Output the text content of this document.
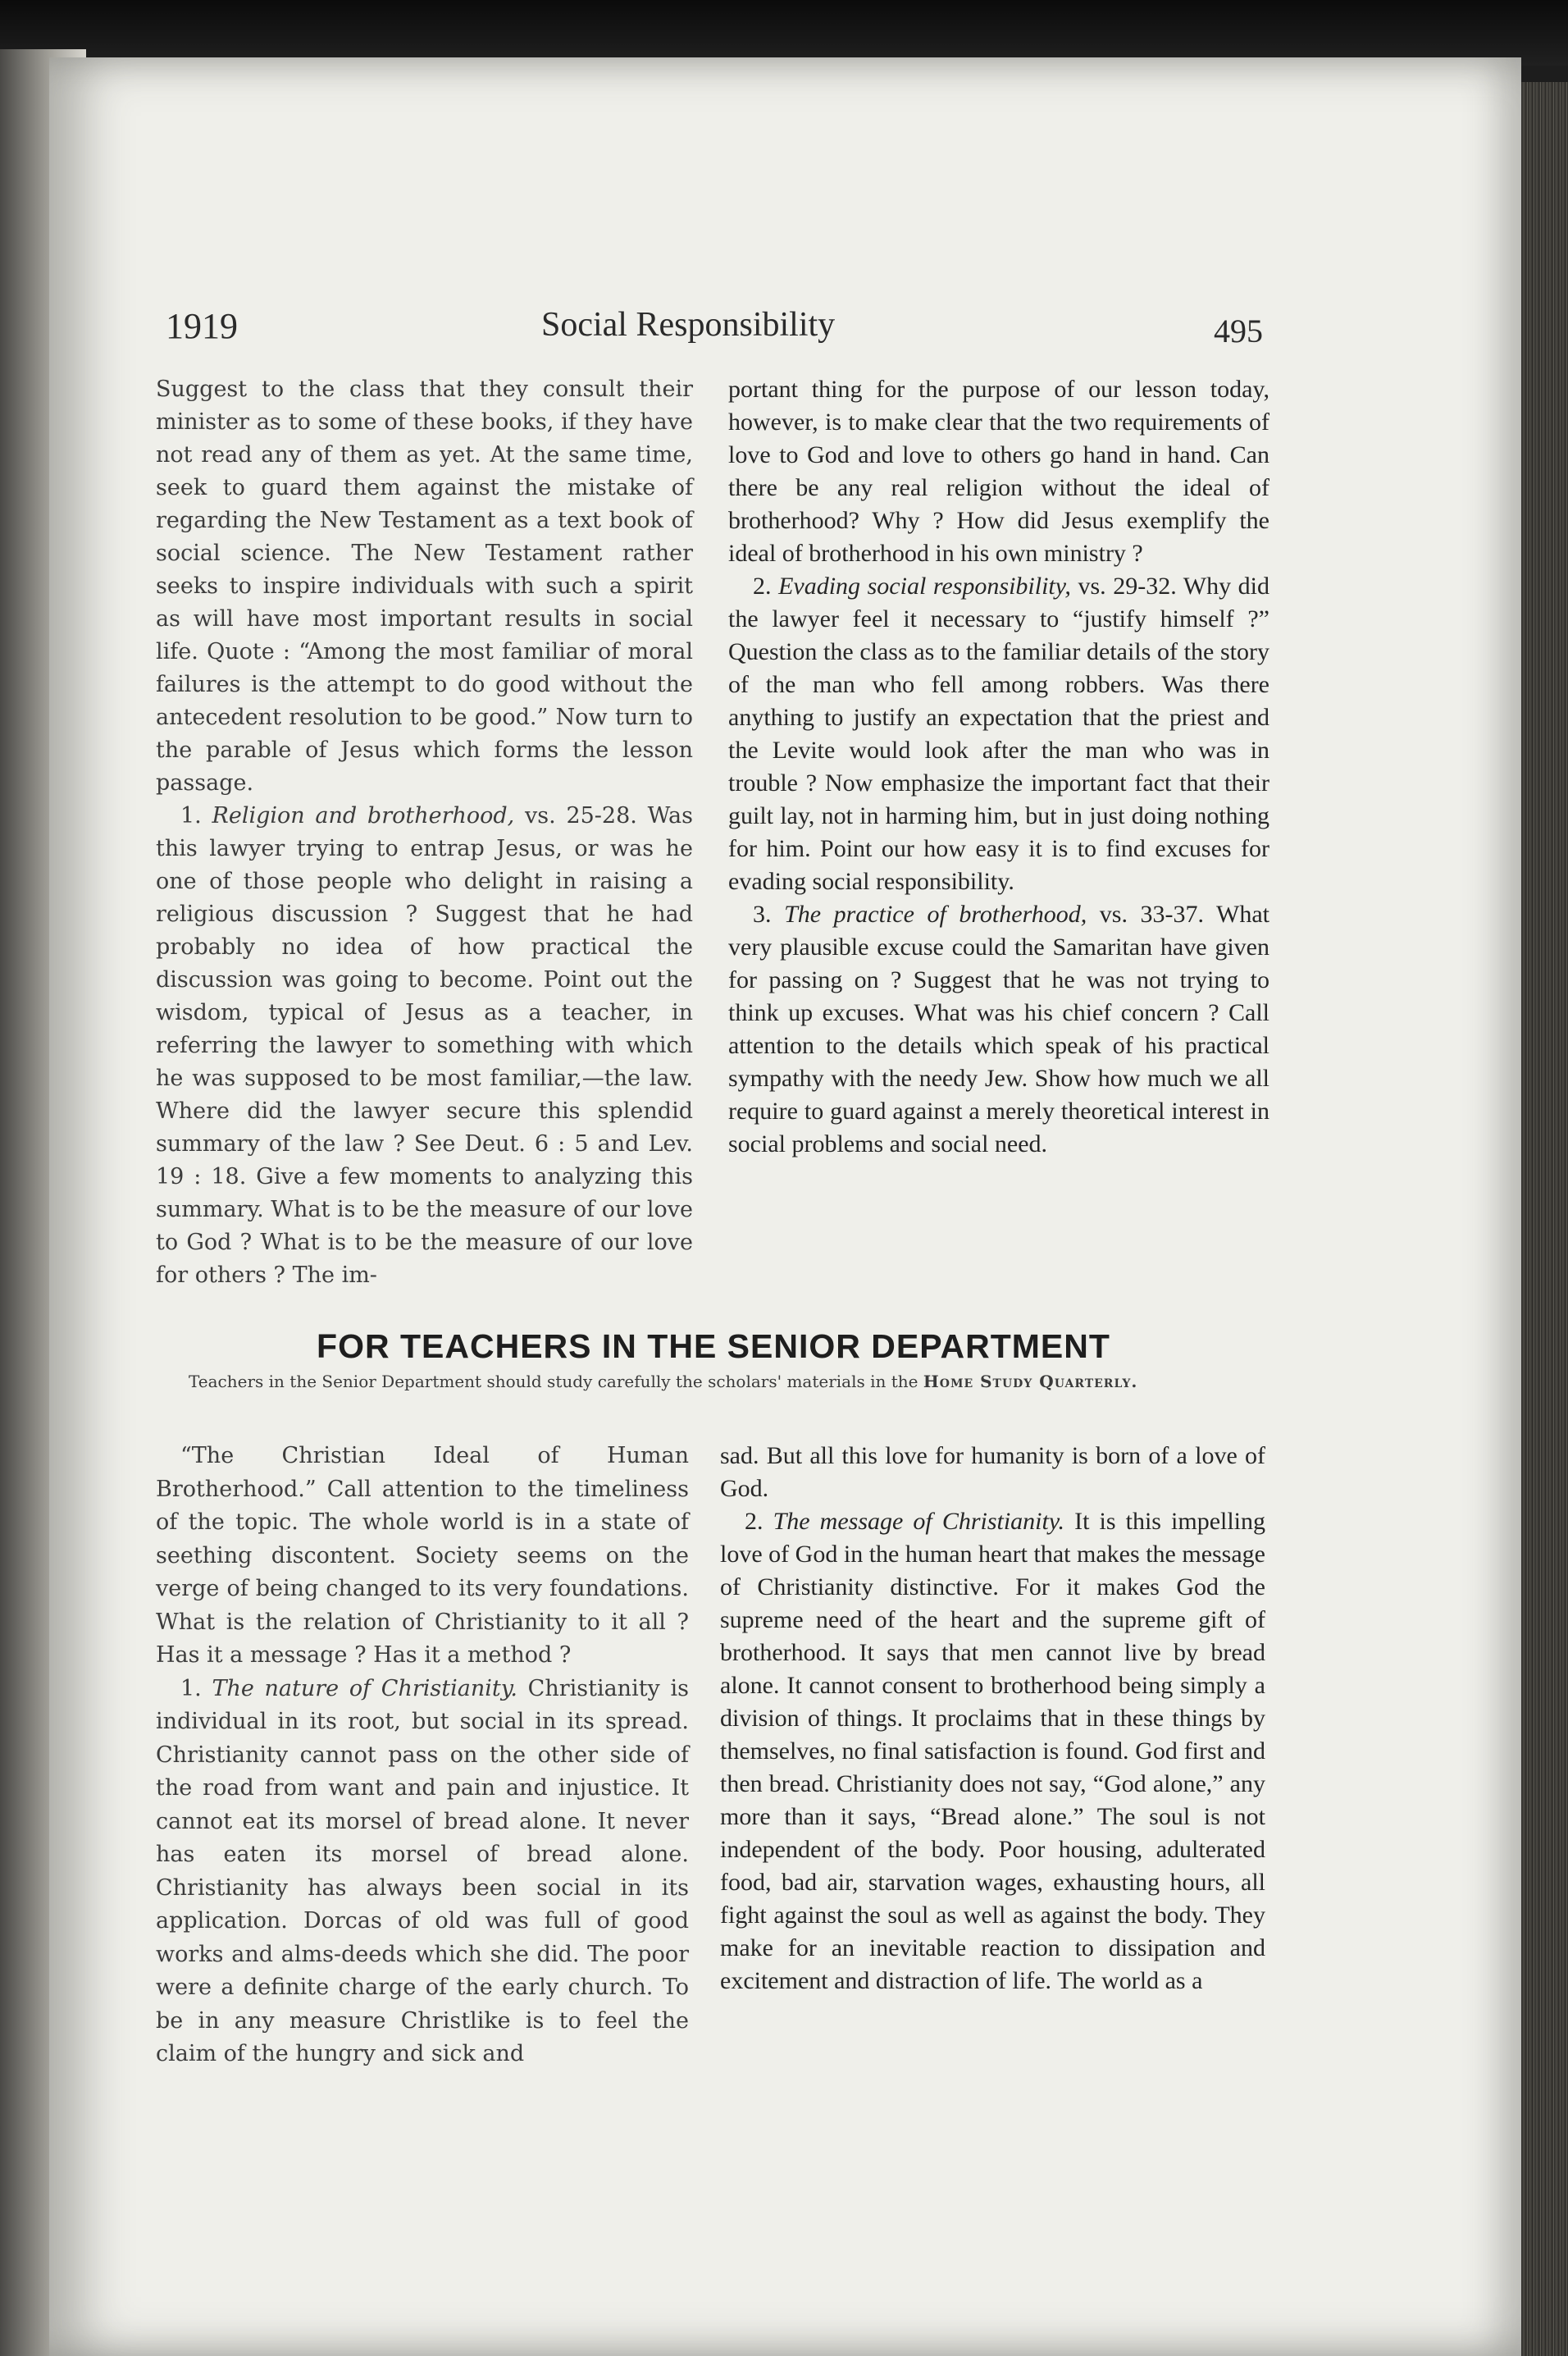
1919	Social Responsibility	495

Suggest to the class that they consult their minister as to some of these books, if they have not read any of them as yet. At the same time, seek to guard them against the mistake of regarding the New Testament as a text book of social science. The New Testament rather seeks to inspire individuals with such a spirit as will have most important results in social life. Quote : “Among the most familiar of moral failures is the attempt to do good without the antecedent resolution to be good.” Now turn to the parable of Jesus which forms the lesson passage.

1. Religion and brotherhood, vs. 25-28. Was this lawyer trying to entrap Jesus, or was he one of those people who delight in raising a religious discussion ? Suggest that he had probably no idea of how practical the discussion was going to become. Point out the wisdom, typical of Jesus as a teacher, in referring the lawyer to something with which he was supposed to be most familiar,—the law. Where did the lawyer secure this splendid summary of the law ? See Deut. 6 : 5 and Lev. 19 : 18. Give a few moments to analyzing this summary. What is to be the measure of our love to God ? What is to be the measure of our love for others ? The im-

portant thing for the purpose of our lesson today, however, is to make clear that the two requirements of love to God and love to others go hand in hand. Can there be any real religion without the ideal of brotherhood? Why ? How did Jesus exemplify the ideal of brotherhood in his own ministry ?

2. Evading social responsibility, vs. 29-32. Why did the lawyer feel it necessary to “justify himself ?” Question the class as to the familiar details of the story of the man who fell among robbers. Was there anything to justify an expectation that the priest and the Levite would look after the man who was in trouble ? Now emphasize the important fact that their guilt lay, not in harming him, but in just doing nothing for him. Point our how easy it is to find excuses for evading social responsibility.

3. The practice of brotherhood, vs. 33-37. What very plausible excuse could the Samaritan have given for passing on ? Suggest that he was not trying to think up excuses. What was his chief concern ? Call attention to the details which speak of his practical sympathy with the needy Jew. Show how much we all require to guard against a merely theoretical interest in social problems and social need.

FOR TEACHERS IN THE SENIOR DEPARTMENT
Teachers in the Senior Department should study carefully the scholars' materials in the Home Study Quarterly.

“The Christian Ideal of Human Brotherhood.” Call attention to the timeliness of the topic. The whole world is in a state of seething discontent. Society seems on the verge of being changed to its very foundations. What is the relation of Christianity to it all ? Has it a message ? Has it a method ?

1. The nature of Christianity. Christianity is individual in its root, but social in its spread. Christianity cannot pass on the other side of the road from want and pain and injustice. It cannot eat its morsel of bread alone. It never has eaten its morsel of bread alone. Christianity has always been social in its application. Dorcas of old was full of good works and alms-deeds which she did. The poor were a definite charge of the early church. To be in any measure Christlike is to feel the claim of the hungry and sick and

sad. But all this love for humanity is born of a love of God.

2. The message of Christianity. It is this impelling love of God in the human heart that makes the message of Christianity distinctive. For it makes God the supreme need of the heart and the supreme gift of brotherhood. It says that men cannot live by bread alone. It cannot consent to brotherhood being simply a division of things. It proclaims that in these things by themselves, no final satisfaction is found. God first and then bread. Christianity does not say, “God alone,” any more than it says, “Bread alone.” The soul is not independent of the body. Poor housing, adulterated food, bad air, starvation wages, exhausting hours, all fight against the soul as well as against the body. They make for an inevitable reaction to dissipation and excitement and distraction of life. The world as a
